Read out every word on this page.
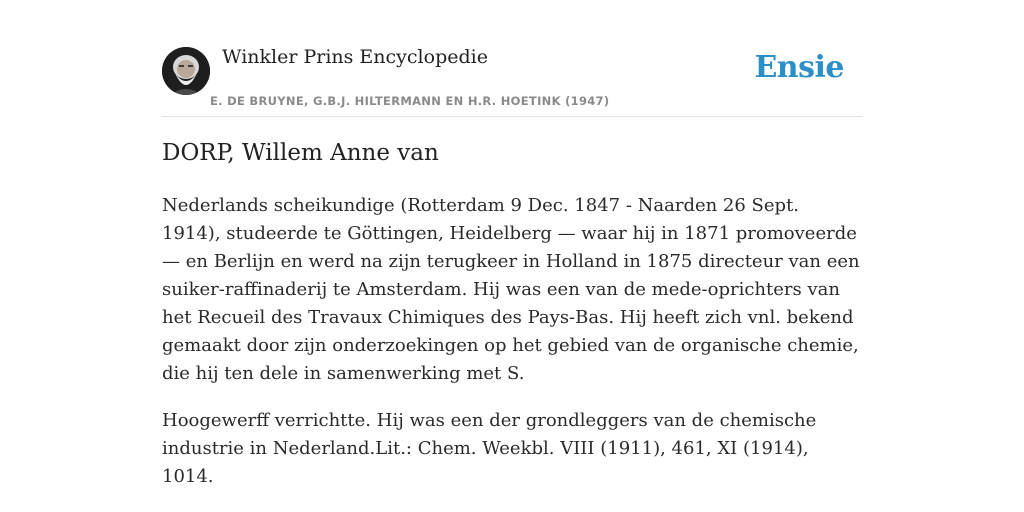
Winkler Prins Encyclopedie
E. DE BRUYNE, G.B.J. HILTERMANN EN H.R. HOETINK (1947)
Ensie
DORP, Willem Anne van

Nederlands scheikundige (Rotterdam 9 Dec. 1847 - Naarden 26 Sept. 1914), studeerde te Göttingen, Heidelberg — waar hij in 1871 promoveerde — en Berlijn en werd na zijn terugkeer in Holland in 1875 directeur van een suiker-raffinaderij te Amsterdam. Hij was een van de mede-oprichters van het Recueil des Travaux Chimiques des Pays-Bas. Hij heeft zich vnl. bekend gemaakt door zijn onderzoekingen op het gebied van de organische chemie, die hij ten dele in samenwerking met S.

Hoogewerff verrichtte. Hij was een der grondleggers van de chemische industrie in Nederland.Lit.: Chem. Weekbl. VIII (1911), 461, XI (1914), 1014.
